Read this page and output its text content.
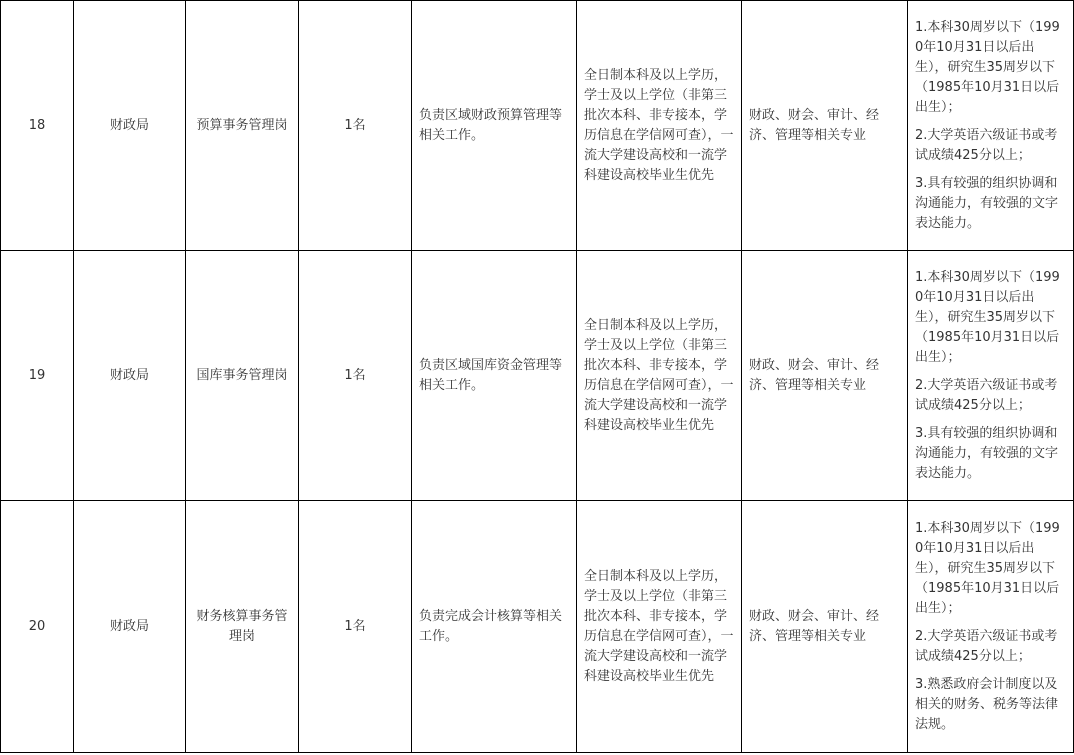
18	财政局	预算事务管理岗	1名	负责区域财政预算管理等相关工作。	全日制本科及以上学历，学士及以上学位（非第三批次本科、非专接本，学历信息在学信网可查），一流大学建设高校和一流学科建设高校毕业生优先	财政、财会、审计、经济、管理等相关专业	1.本科30周岁以下（1990年10月31日以后出生），研究生35周岁以下（1985年10月31日以后出生）；

2.大学英语六级证书或考试成绩425分以上；

3.具有较强的组织协调和沟通能力，有较强的文字表达能力。

19	财政局	国库事务管理岗	1名	负责区域国库资金管理等相关工作。	全日制本科及以上学历，学士及以上学位（非第三批次本科、非专接本，学历信息在学信网可查），一流大学建设高校和一流学科建设高校毕业生优先	财政、财会、审计、经济、管理等相关专业	1.本科30周岁以下（1990年10月31日以后出生），研究生35周岁以下（1985年10月31日以后出生）；

2.大学英语六级证书或考试成绩425分以上；

3.具有较强的组织协调和沟通能力，有较强的文字表达能力。

20	财政局	财务核算事务管理岗	1名	负责完成会计核算等相关工作。	全日制本科及以上学历，学士及以上学位（非第三批次本科、非专接本，学历信息在学信网可查），一流大学建设高校和一流学科建设高校毕业生优先	财政、财会、审计、经济、管理等相关专业	1.本科30周岁以下（1990年10月31日以后出生），研究生35周岁以下（1985年10月31日以后出生）；

2.大学英语六级证书或考试成绩425分以上；

3.熟悉政府会计制度以及相关的财务、税务等法律法规。
